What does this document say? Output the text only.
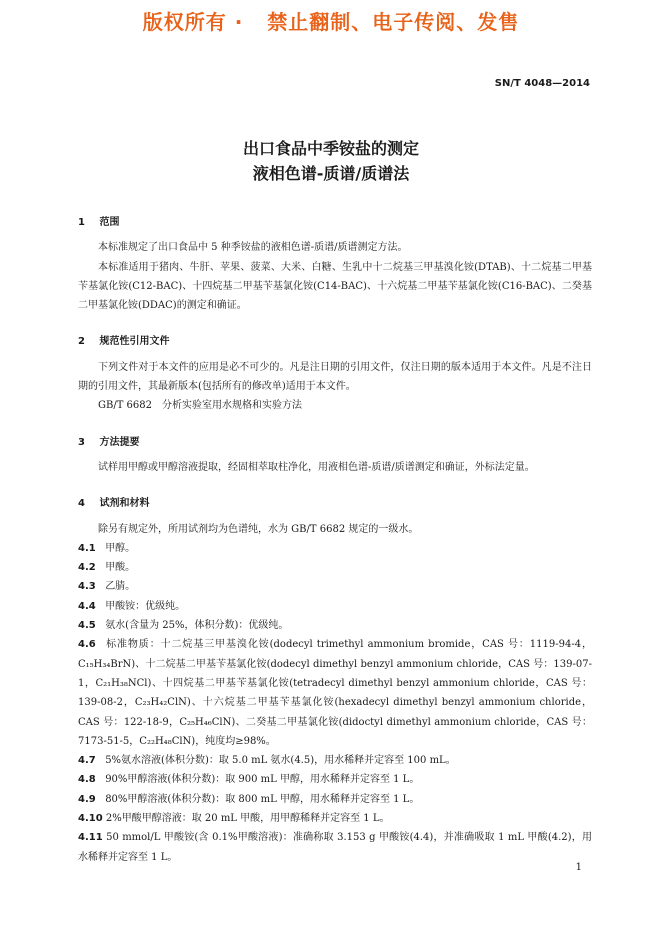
版权所有 ·   禁止翻制、电子传阅、发售
SN/T 4048—2014
出口食品中季铵盐的测定
液相色谱-质谱/质谱法
1 范围
本标准规定了出口食品中 5 种季铵盐的液相色谱-质谱/质谱测定方法。
本标准适用于猪肉、牛肝、苹果、菠菜、大米、白糖、生乳中十二烷基三甲基溴化铵(DTAB)、十二烷基二甲基苄基氯化铵(C12-BAC)、十四烷基二甲基苄基氯化铵(C14-BAC)、十六烷基二甲基苄基氯化铵(C16-BAC)、二癸基二甲基氯化铵(DDAC)的测定和确证。
2 规范性引用文件
下列文件对于本文件的应用是必不可少的。凡是注日期的引用文件，仅注日期的版本适用于本文件。凡是不注日期的引用文件，其最新版本(包括所有的修改单)适用于本文件。
GB/T 6682　分析实验室用水规格和实验方法
3 方法提要
试样用甲醇或甲醇溶液提取，经固相萃取柱净化，用液相色谱-质谱/质谱测定和确证，外标法定量。
4 试剂和材料
除另有规定外，所用试剂均为色谱纯，水为 GB/T 6682 规定的一级水。
4.1 甲醇。
4.2 甲酸。
4.3 乙腈。
4.4 甲酸铵：优级纯。
4.5 氨水(含量为 25%，体积分数)：优级纯。
4.6 标准物质：十二烷基三甲基溴化铵(dodecyl trimethyl ammonium bromide，CAS 号：1119-94-4，C₁₅H₃₄BrN)、十二烷基二甲基苄基氯化铵(dodecyl dimethyl benzyl ammonium chloride，CAS 号：139-07-1，C₂₁H₃₈NCl)、十四烷基二甲基苄基氯化铵(tetradecyl dimethyl benzyl ammonium chloride，CAS 号：139-08-2，C₂₃H₄₂ClN)、十六烷基二甲基苄基氯化铵(hexadecyl dimethyl benzyl ammonium chloride，CAS 号：122-18-9，C₂₅H₄₆ClN)、二癸基二甲基氯化铵(didoctyl dimethyl ammonium chloride，CAS 号：7173-51-5，C₂₂H₄₈ClN)，纯度均≥98%。
4.7 5%氨水溶液(体积分数)：取 5.0 mL 氨水(4.5)，用水稀释并定容至 100 mL。
4.8 90%甲醇溶液(体积分数)：取 900 mL 甲醇，用水稀释并定容至 1 L。
4.9 80%甲醇溶液(体积分数)：取 800 mL 甲醇，用水稀释并定容至 1 L。
4.10 2%甲酸甲醇溶液：取 20 mL 甲酸，用甲醇稀释并定容至 1 L。
4.11 50 mmol/L 甲酸铵(含 0.1%甲酸溶液)：准确称取 3.153 g 甲酸铵(4.4)，并准确吸取 1 mL 甲酸(4.2)，用水稀释并定容至 1 L。
1
